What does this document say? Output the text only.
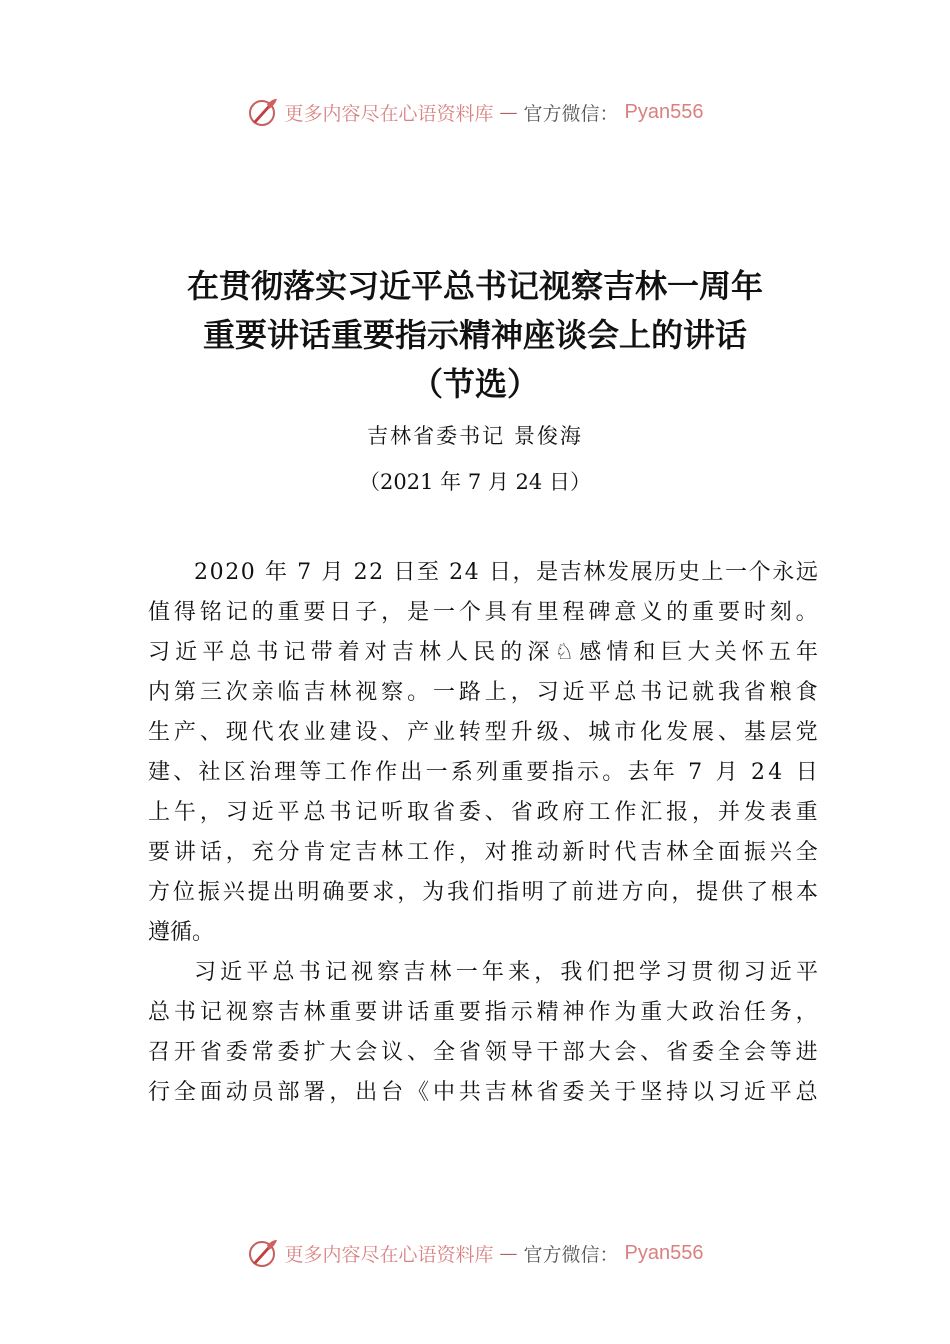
更多内容尽在心语资料库 — 官方微信： Pyan556
在贯彻落实习近平总书记视察吉林一周年
重要讲话重要指示精神座谈会上的讲话
（节选）
吉林省委书记 景俊海
（2021 年 7 月 24 日）
2 0 2 0
年
7
月
2 2
日 至
2 4
日 ， 是 吉 林 发 展 历 史 上 一 个 永 远
值 得 铭 记 的 重 要 日 子 ， 是 一 个 具 有 里 程 碑 意 义 的 重 要 时 刻 。
习 近 平 总 书 记 带 着 对 吉 林 人 民 的 深 ♘ 感 情 和 巨 大 关 怀 五 年
内 第 三 次 亲 临 吉 林 视 察 。 一 路 上 ， 习 近 平 总 书 记 就 我 省 粮 食
生 产 、 现 代 农 业 建 设 、 产 业 转 型 升 级 、 城 市 化 发 展 、 基 层 党
建 、 社 区 治 理 等 工 作 作 出 一 系 列 重 要 指 示 。 去 年
7
月
2 4
日
上 午 ， 习 近 平 总 书 记 听 取 省 委 、 省 政 府 工 作 汇 报 ， 并 发 表 重
要 讲 话 ， 充 分 肯 定 吉 林 工 作 ， 对 推 动 新 时 代 吉 林 全 面 振 兴 全
方 位 振 兴 提 出 明 确 要 求 ， 为 我 们 指 明 了 前 进 方 向 ， 提 供 了 根 本
遵循。
习 近 平 总 书 记 视 察 吉 林 一 年 来 ， 我 们 把 学 习 贯 彻 习 近 平
总 书 记 视 察 吉 林 重 要 讲 话 重 要 指 示 精 神 作 为 重 大 政 治 任 务 ，
召 开 省 委 常 委 扩 大 会 议 、 全 省 领 导 干 部 大 会 、 省 委 全 会 等 进
行 全 面 动 员 部 署 ， 出 台 《 中 共 吉 林 省 委 关 于 坚 持 以 习 近 平 总
更多内容尽在心语资料库 — 官方微信： Pyan556
